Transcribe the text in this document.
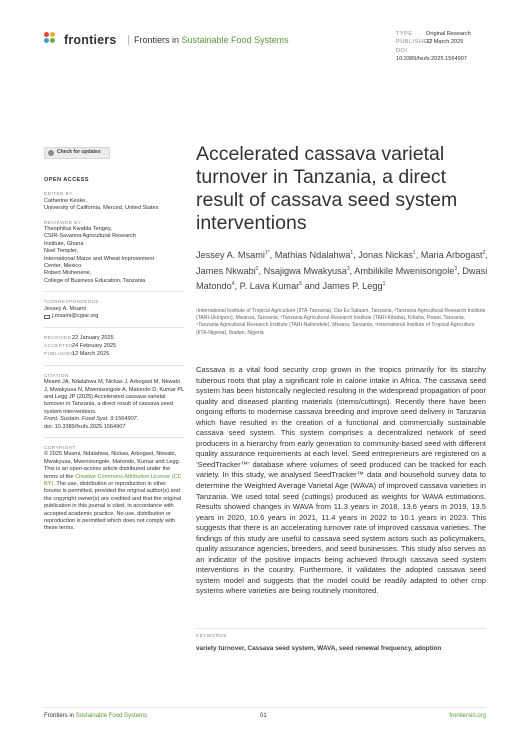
frontiers	Frontiers in Sustainable Food Systems
TYPE Original Research
PUBLISHED12 March 2025
DOI10.3389/fsufs.2025.1564907
Check for updates
OPEN ACCESS
EDITED BY
Catherine Keske,
University of California, Merced, United States
REVIEWED BY
Theophilus Kwabla Tengey,
CSIR-Savanna Agricultural Research
Institute, Ghana
Noel Templer,
International Maize and Wheat Improvement
Center, Mexico
Robert Mishenene,
College of Business Education, Tanzania
*CORRESPONDENCE
Jessey A. Msami
j.msami@cgiar.org
RECEIVED22 January 2025
ACCEPTED24 February 2025
PUBLISHED12 March 2025
CITATION
Msami JA, Ndalahwa M, Nickas J, Arbogast M, Nkwabi J, Mwakyusa N, Mwenisongole A, Matondo D, Kumar PL and Legg JP (2025) Accelerated cassava varietal turnover in Tanzania, a direct result of cassava seed system interventions.
Front. Sustain. Food Syst. 9:1564907.
doi: 10.3389/fsufs.2025.1564907
COPYRIGHT
© 2025 Msami, Ndalahwa, Nickas, Arbogast, Nkwabi, Mwakyusa, Mwenisongole, Matondo, Kumar and Legg. This is an open-access article distributed under the terms of the Creative Commons Attribution License (CC BY). The use, distribution or reproduction in other forums is permitted, provided the original author(s) and the copyright owner(s) are credited and that the original publication in this journal is cited, in accordance with accepted academic practice. No use, distribution or reproduction is permitted which does not comply with these terms.
Accelerated cassava varietal turnover in Tanzania, a direct result of cassava seed system interventions
Jessey A. Msami$^{1*}$, Mathias Ndalahwa$^1$, Jonas Nickas$^1$, Maria Arbogast$^2$, James Nkwabi$^2$, Nsajigwa Mwakyusa$^3$, Ambilikile Mwenisongole$^3$, Dwasi Matondo$^4$, P. Lava Kumar$^5$ and James P. Legg$^1$
¹International Institute of Tropical Agriculture (IITA-Tanzania), Dar Es Salaam, Tanzania, ²Tanzania Agricultural Research Institute (TARI-Ukiriguru), Mwanza, Tanzania, ³Tanzania Agricultural Research Institute (TARI-Kibaha), Kibaha, Pwani, Tanzania, ⁴Tanzania Agricultural Research Institute (TARI-Naliendele), Mtwara, Tanzania, ⁵International Institute of Tropical Agriculture (IITA-Nigeria), Ibadan, Nigeria

Cassava is a vital food security crop grown in the tropics primarily for its starchy tuberous roots that play a significant role in calorie intake in Africa. The cassava seed system has been historically neglected resulting in the widespread propagation of poor quality and diseased planting materials (stems/cuttings). Recently there have been ongoing efforts to modernise cassava breeding and improve seed delivery in Tanzania which have resulted in the creation of a functional and commercially sustainable cassava seed system. This system comprises a decentralized network of seed producers in a hierarchy from early generation to community-based seed with different quality assurance requirements at each level. Seed entrepreneurs are registered on a ‘SeedTracker™’ database where volumes of seed produced can be tracked for each variety. In this study, we analysed SeedTracker™ data and household survey data to determine the Weighted Average Varietal Age (WAVA) of improved cassava varieties in Tanzania. We used total seed (cuttings) produced as weights for WAVA estimations. Results showed changes in WAVA from 11.3 years in 2018, 13.6 years in 2019, 13.5 years in 2020, 10.6 years in 2021, 11.4 years in 2022 to 10.1 years in 2023. This suggests that there is an accelerating turnover rate of improved cassava varieties. The findings of this study are useful to cassava seed system actors such as policymakers, quality assurance agencies, breeders, and seed businesses. This study also serves as an indicator of the positive impacts being achieved through cassava seed system interventions in the country. Furthermore, it validates the adopted cassava seed system model and suggests that the model could be readily adapted to other crop systems where varieties are being routinely monitored.

KEYWORDS
variety turnover, Cassava seed system, WAVA, seed renewal frequency, adoption
Frontiers in Sustainable Food Systems	01	frontiersin.org
